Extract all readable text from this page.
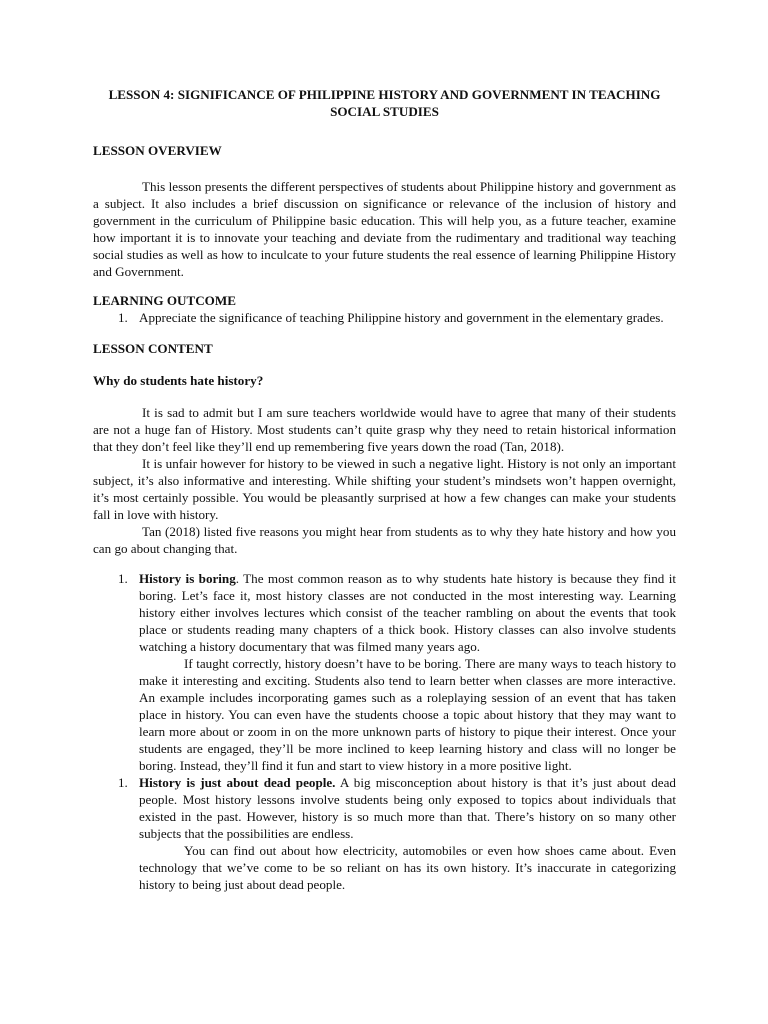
LESSON 4: SIGNIFICANCE OF PHILIPPINE HISTORY AND GOVERNMENT IN TEACHING SOCIAL STUDIES
LESSON OVERVIEW

This lesson presents the different perspectives of students about Philippine history and government as a subject. It also includes a brief discussion on significance or relevance of the inclusion of history and government in the curriculum of Philippine basic education. This will help you, as a future teacher, examine how important it is to innovate your teaching and deviate from the rudimentary and traditional way teaching social studies as well as how to inculcate to your future students the real essence of learning Philippine History and Government.

LEARNING OUTCOME
1. Appreciate the significance of teaching Philippine history and government in the elementary grades.
LESSON CONTENT
Why do students hate history?

It is sad to admit but I am sure teachers worldwide would have to agree that many of their students are not a huge fan of History. Most students can’t quite grasp why they need to retain historical information that they don’t feel like they’ll end up remembering five years down the road (Tan, 2018).

It is unfair however for history to be viewed in such a negative light. History is not only an important subject, it’s also informative and interesting. While shifting your student’s mindsets won’t happen overnight, it’s most certainly possible. You would be pleasantly surprised at how a few changes can make your students fall in love with history.

Tan (2018) listed five reasons you might hear from students as to why they hate history and how you can go about changing that.

1. History is boring. The most common reason as to why students hate history is because they find it boring. Let’s face it, most history classes are not conducted in the most interesting way. Learning history either involves lectures which consist of the teacher rambling on about the events that took place or students reading many chapters of a thick book. History classes can also involve students watching a history documentary that was filmed many years ago.

If taught correctly, history doesn’t have to be boring. There are many ways to teach history to make it interesting and exciting. Students also tend to learn better when classes are more interactive. An example includes incorporating games such as a roleplaying session of an event that has taken place in history. You can even have the students choose a topic about history that they may want to learn more about or zoom in on the more unknown parts of history to pique their interest. Once your students are engaged, they’ll be more inclined to keep learning history and class will no longer be boring. Instead, they’ll find it fun and start to view history in a more positive light.

1. History is just about dead people. A big misconception about history is that it’s just about dead people. Most history lessons involve students being only exposed to topics about individuals that existed in the past. However, history is so much more than that. There’s history on so many other subjects that the possibilities are endless.

You can find out about how electricity, automobiles or even how shoes came about. Even technology that we’ve come to be so reliant on has its own history. It’s inaccurate in categorizing history to being just about dead people.
